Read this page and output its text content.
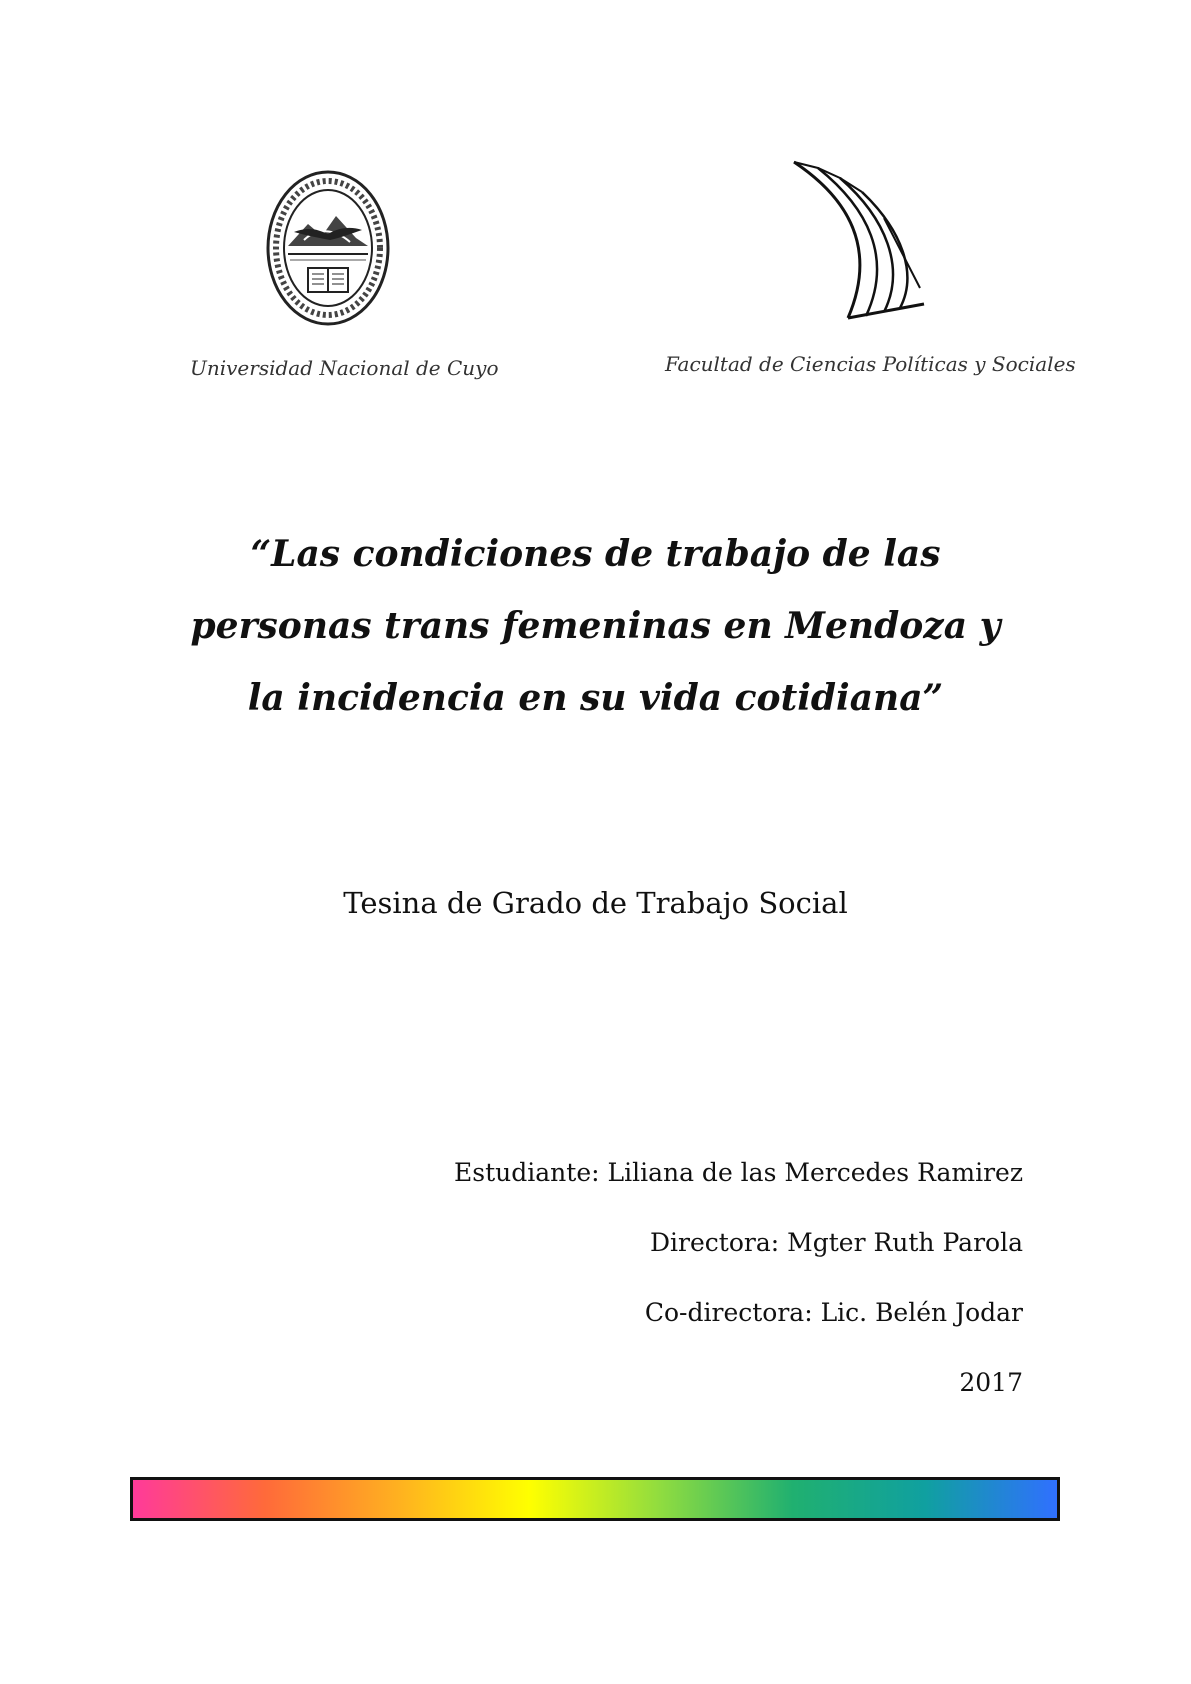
Universidad Nacional de Cuyo	Facultad de Ciencias Políticas y Sociales
“Las condiciones de trabajo de las
personas trans femeninas en Mendoza y
la incidencia en su vida cotidiana”
Tesina de Grado de Trabajo Social
Estudiante: Liliana de las Mercedes Ramirez
Directora: Mgter Ruth Parola
Co-directora: Lic. Belén Jodar
2017
